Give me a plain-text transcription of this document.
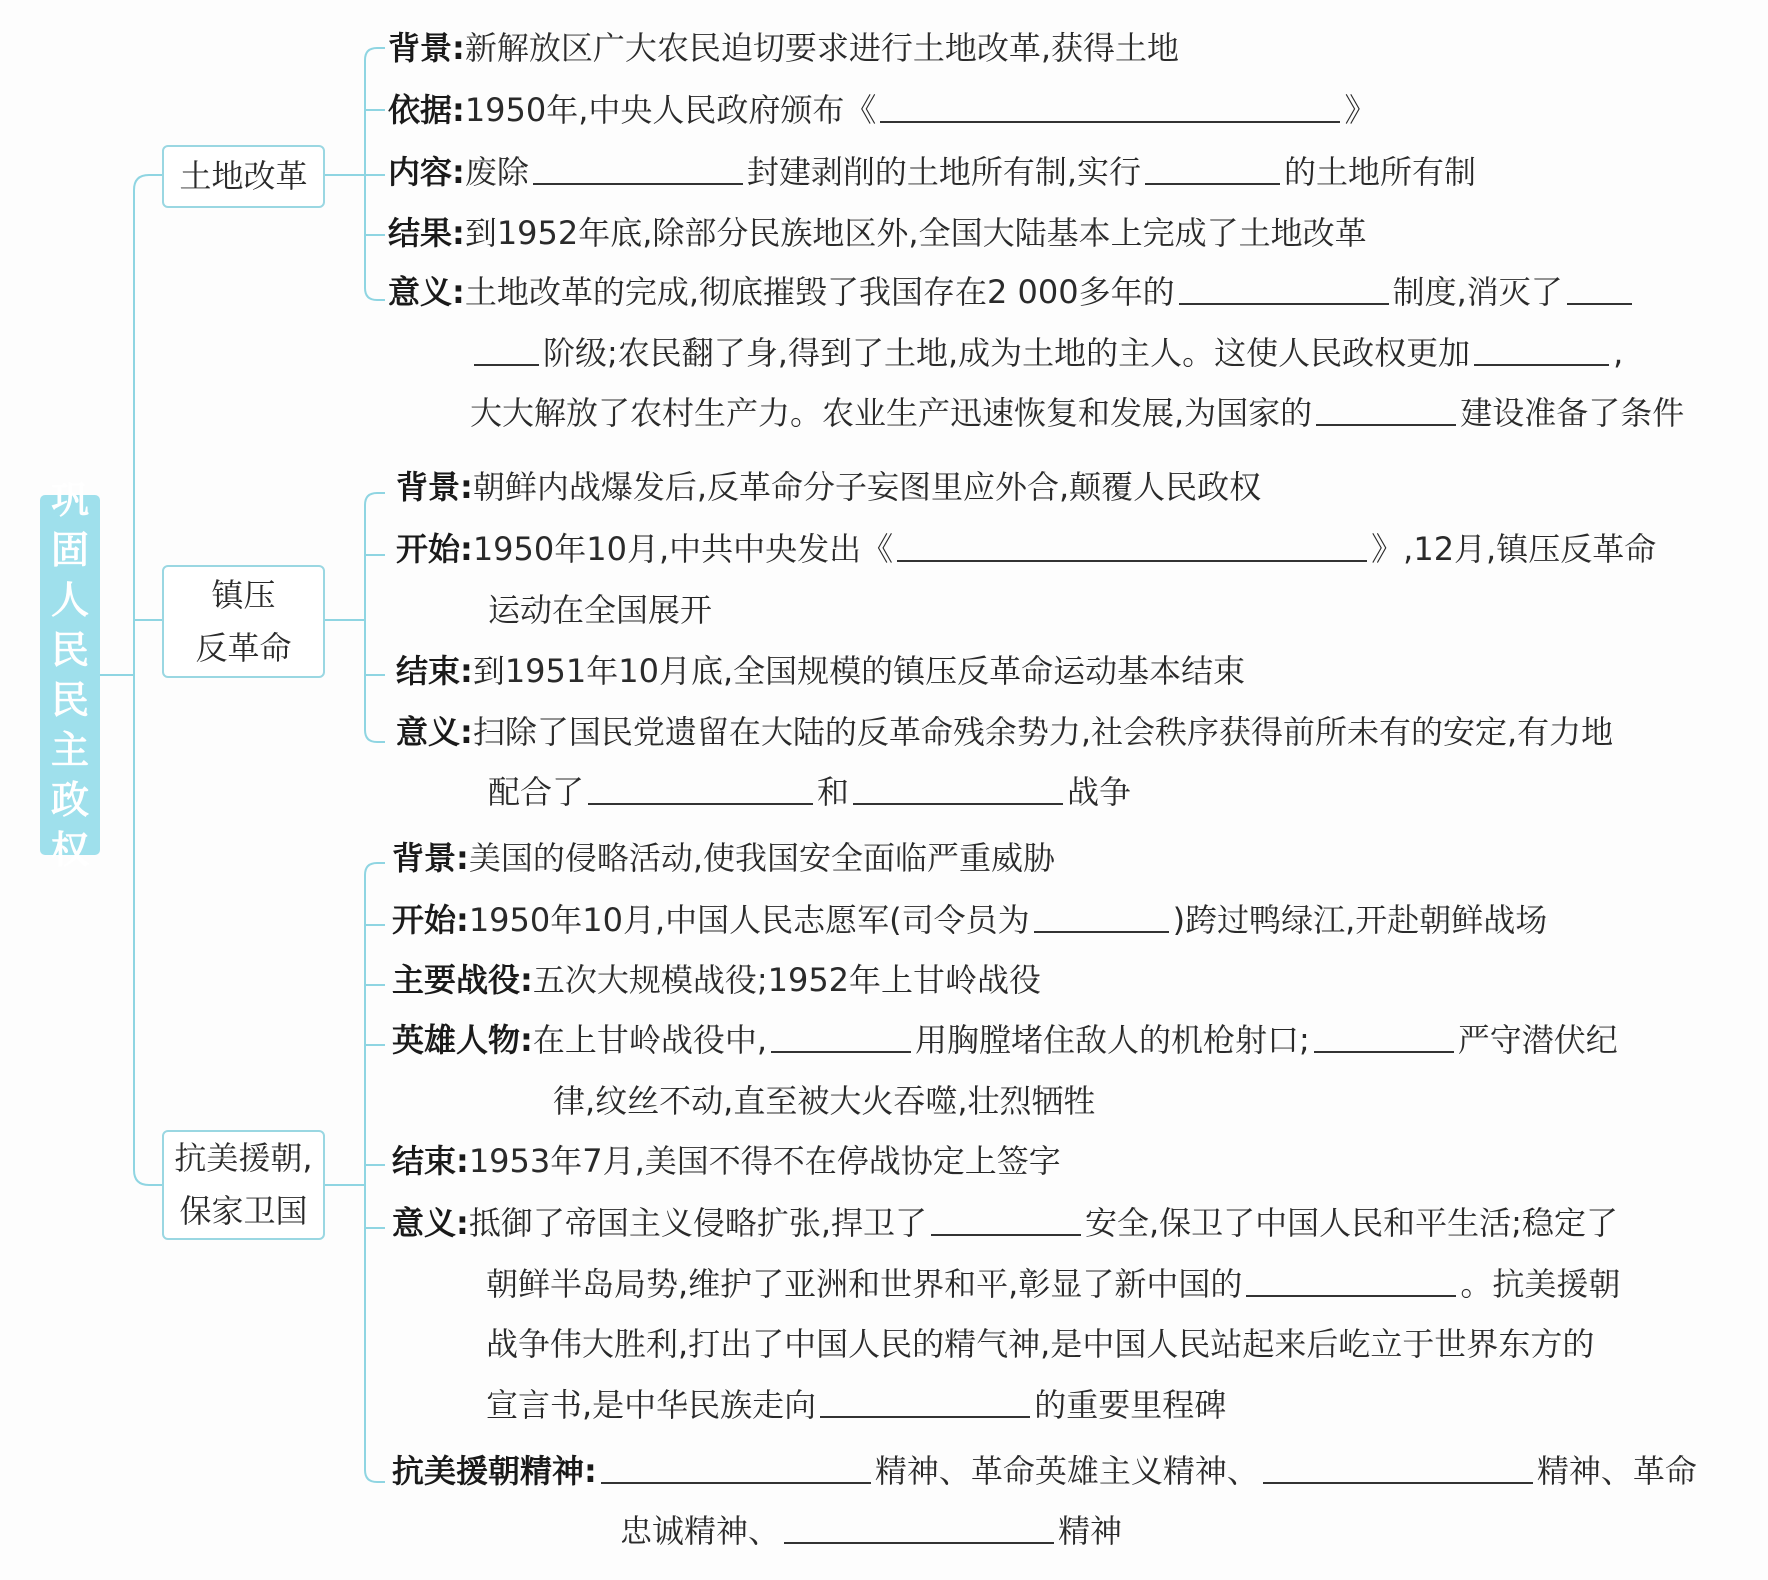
巩
固
人
民
民
主
政
权
土地改革
镇压
反革命
抗美援朝,
保家卫国
背景:新解放区广大农民迫切要求进行土地改革,获得土地
依据:1950年,中央人民政府颁布《	》
内容:废除	封建剥削的土地所有制,实行	的土地所有制
结果:到1952年底,除部分民族地区外,全国大陆基本上完成了土地改革
意义:土地改革的完成,彻底摧毁了我国存在2 000多年的	制度,消灭了
阶级;农民翻了身,得到了土地,成为土地的主人。这使人民政权更加	,
大大解放了农村生产力。农业生产迅速恢复和发展,为国家的	建设准备了条件
背景:朝鲜内战爆发后,反革命分子妄图里应外合,颠覆人民政权
开始:1950年10月,中共中央发出《	》,12月,镇压反革命
运动在全国展开
结束:到1951年10月底,全国规模的镇压反革命运动基本结束
意义:扫除了国民党遗留在大陆的反革命残余势力,社会秩序获得前所未有的安定,有力地
配合了	和	战争
背景:美国的侵略活动,使我国安全面临严重威胁
开始:1950年10月,中国人民志愿军(司令员为	)跨过鸭绿江,开赴朝鲜战场
主要战役:五次大规模战役;1952年上甘岭战役
英雄人物:在上甘岭战役中,	用胸膛堵住敌人的机枪射口;	严守潜伏纪
律,纹丝不动,直至被大火吞噬,壮烈牺牲
结束:1953年7月,美国不得不在停战协定上签字
意义:抵御了帝国主义侵略扩张,捍卫了	安全,保卫了中国人民和平生活;稳定了
朝鲜半岛局势,维护了亚洲和世界和平,彰显了新中国的	。抗美援朝
战争伟大胜利,打出了中国人民的精气神,是中国人民站起来后屹立于世界东方的
宣言书,是中华民族走向	的重要里程碑
抗美援朝精神:	精神、革命英雄主义精神、	精神、革命
忠诚精神、	精神
